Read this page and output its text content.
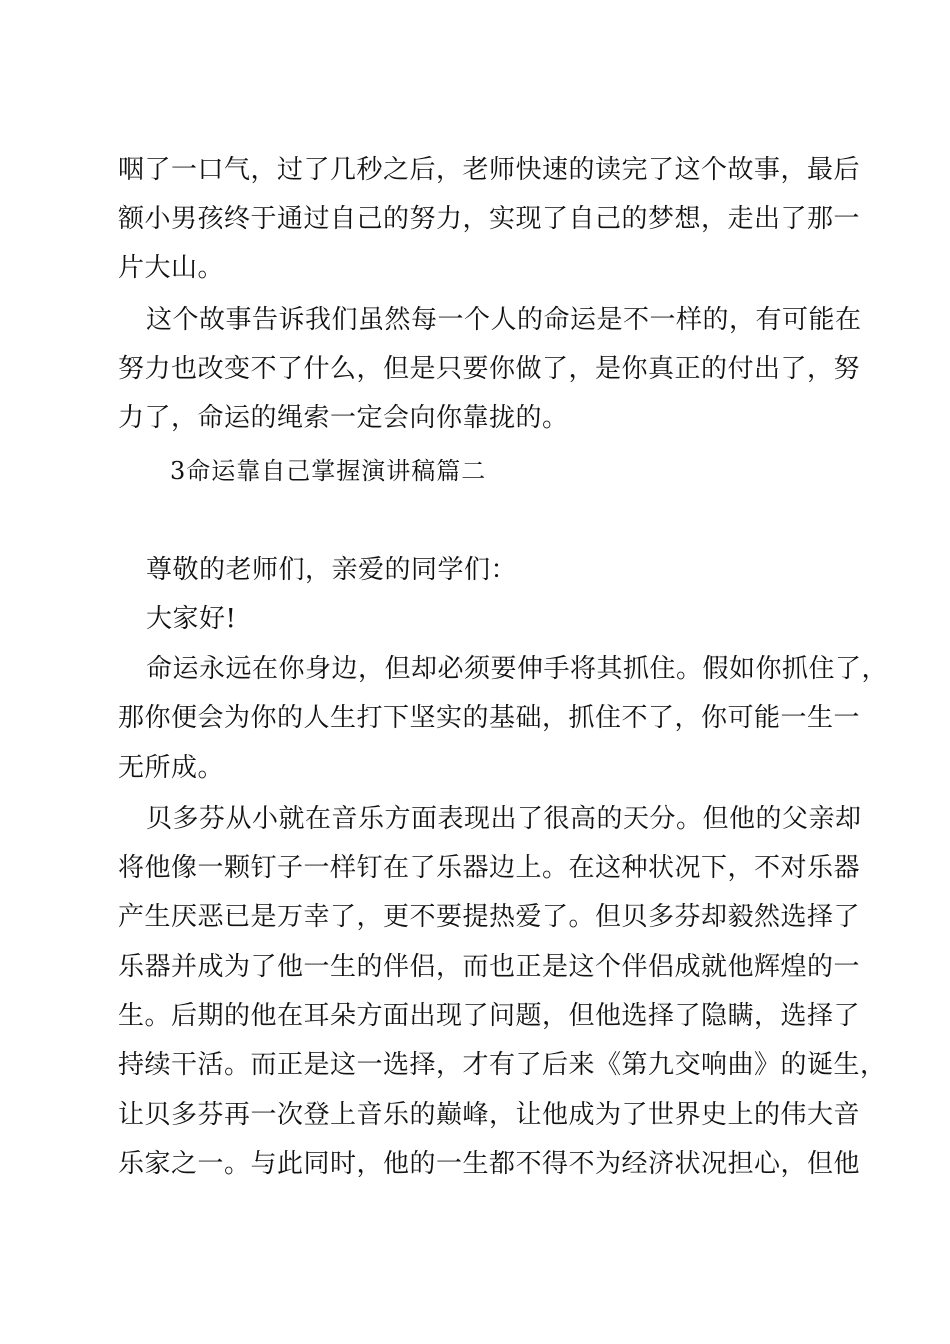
咽了一口气，过了几秒之后，老师快速的读完了这个故事，最后
额小男孩终于通过自己的努力，实现了自己的梦想，走出了那一
片大山。
这个故事告诉我们虽然每一个人的命运是不一样的，有可能在
努力也改变不了什么，但是只要你做了，是你真正的付出了，努
力了，命运的绳索一定会向你靠拢的。
3命运靠自己掌握演讲稿篇二
尊敬的老师们，亲爱的同学们：
大家好!
命运永远在你身边，但却必须要伸手将其抓住。假如你抓住了，
那你便会为你的人生打下坚实的基础，抓住不了，你可能一生一
无所成。
贝多芬从小就在音乐方面表现出了很高的天分。但他的父亲却
将他像一颗钉子一样钉在了乐器边上。在这种状况下，不对乐器
产生厌恶已是万幸了，更不要提热爱了。但贝多芬却毅然选择了
乐器并成为了他一生的伴侣，而也正是这个伴侣成就他辉煌的一
生。后期的他在耳朵方面出现了问题，但他选择了隐瞒，选择了
持续干活。而正是这一选择，才有了后来《第九交响曲》的诞生，
让贝多芬再一次登上音乐的巅峰，让他成为了世界史上的伟大音
乐家之一。与此同时，他的一生都不得不为经济状况担心，但他
